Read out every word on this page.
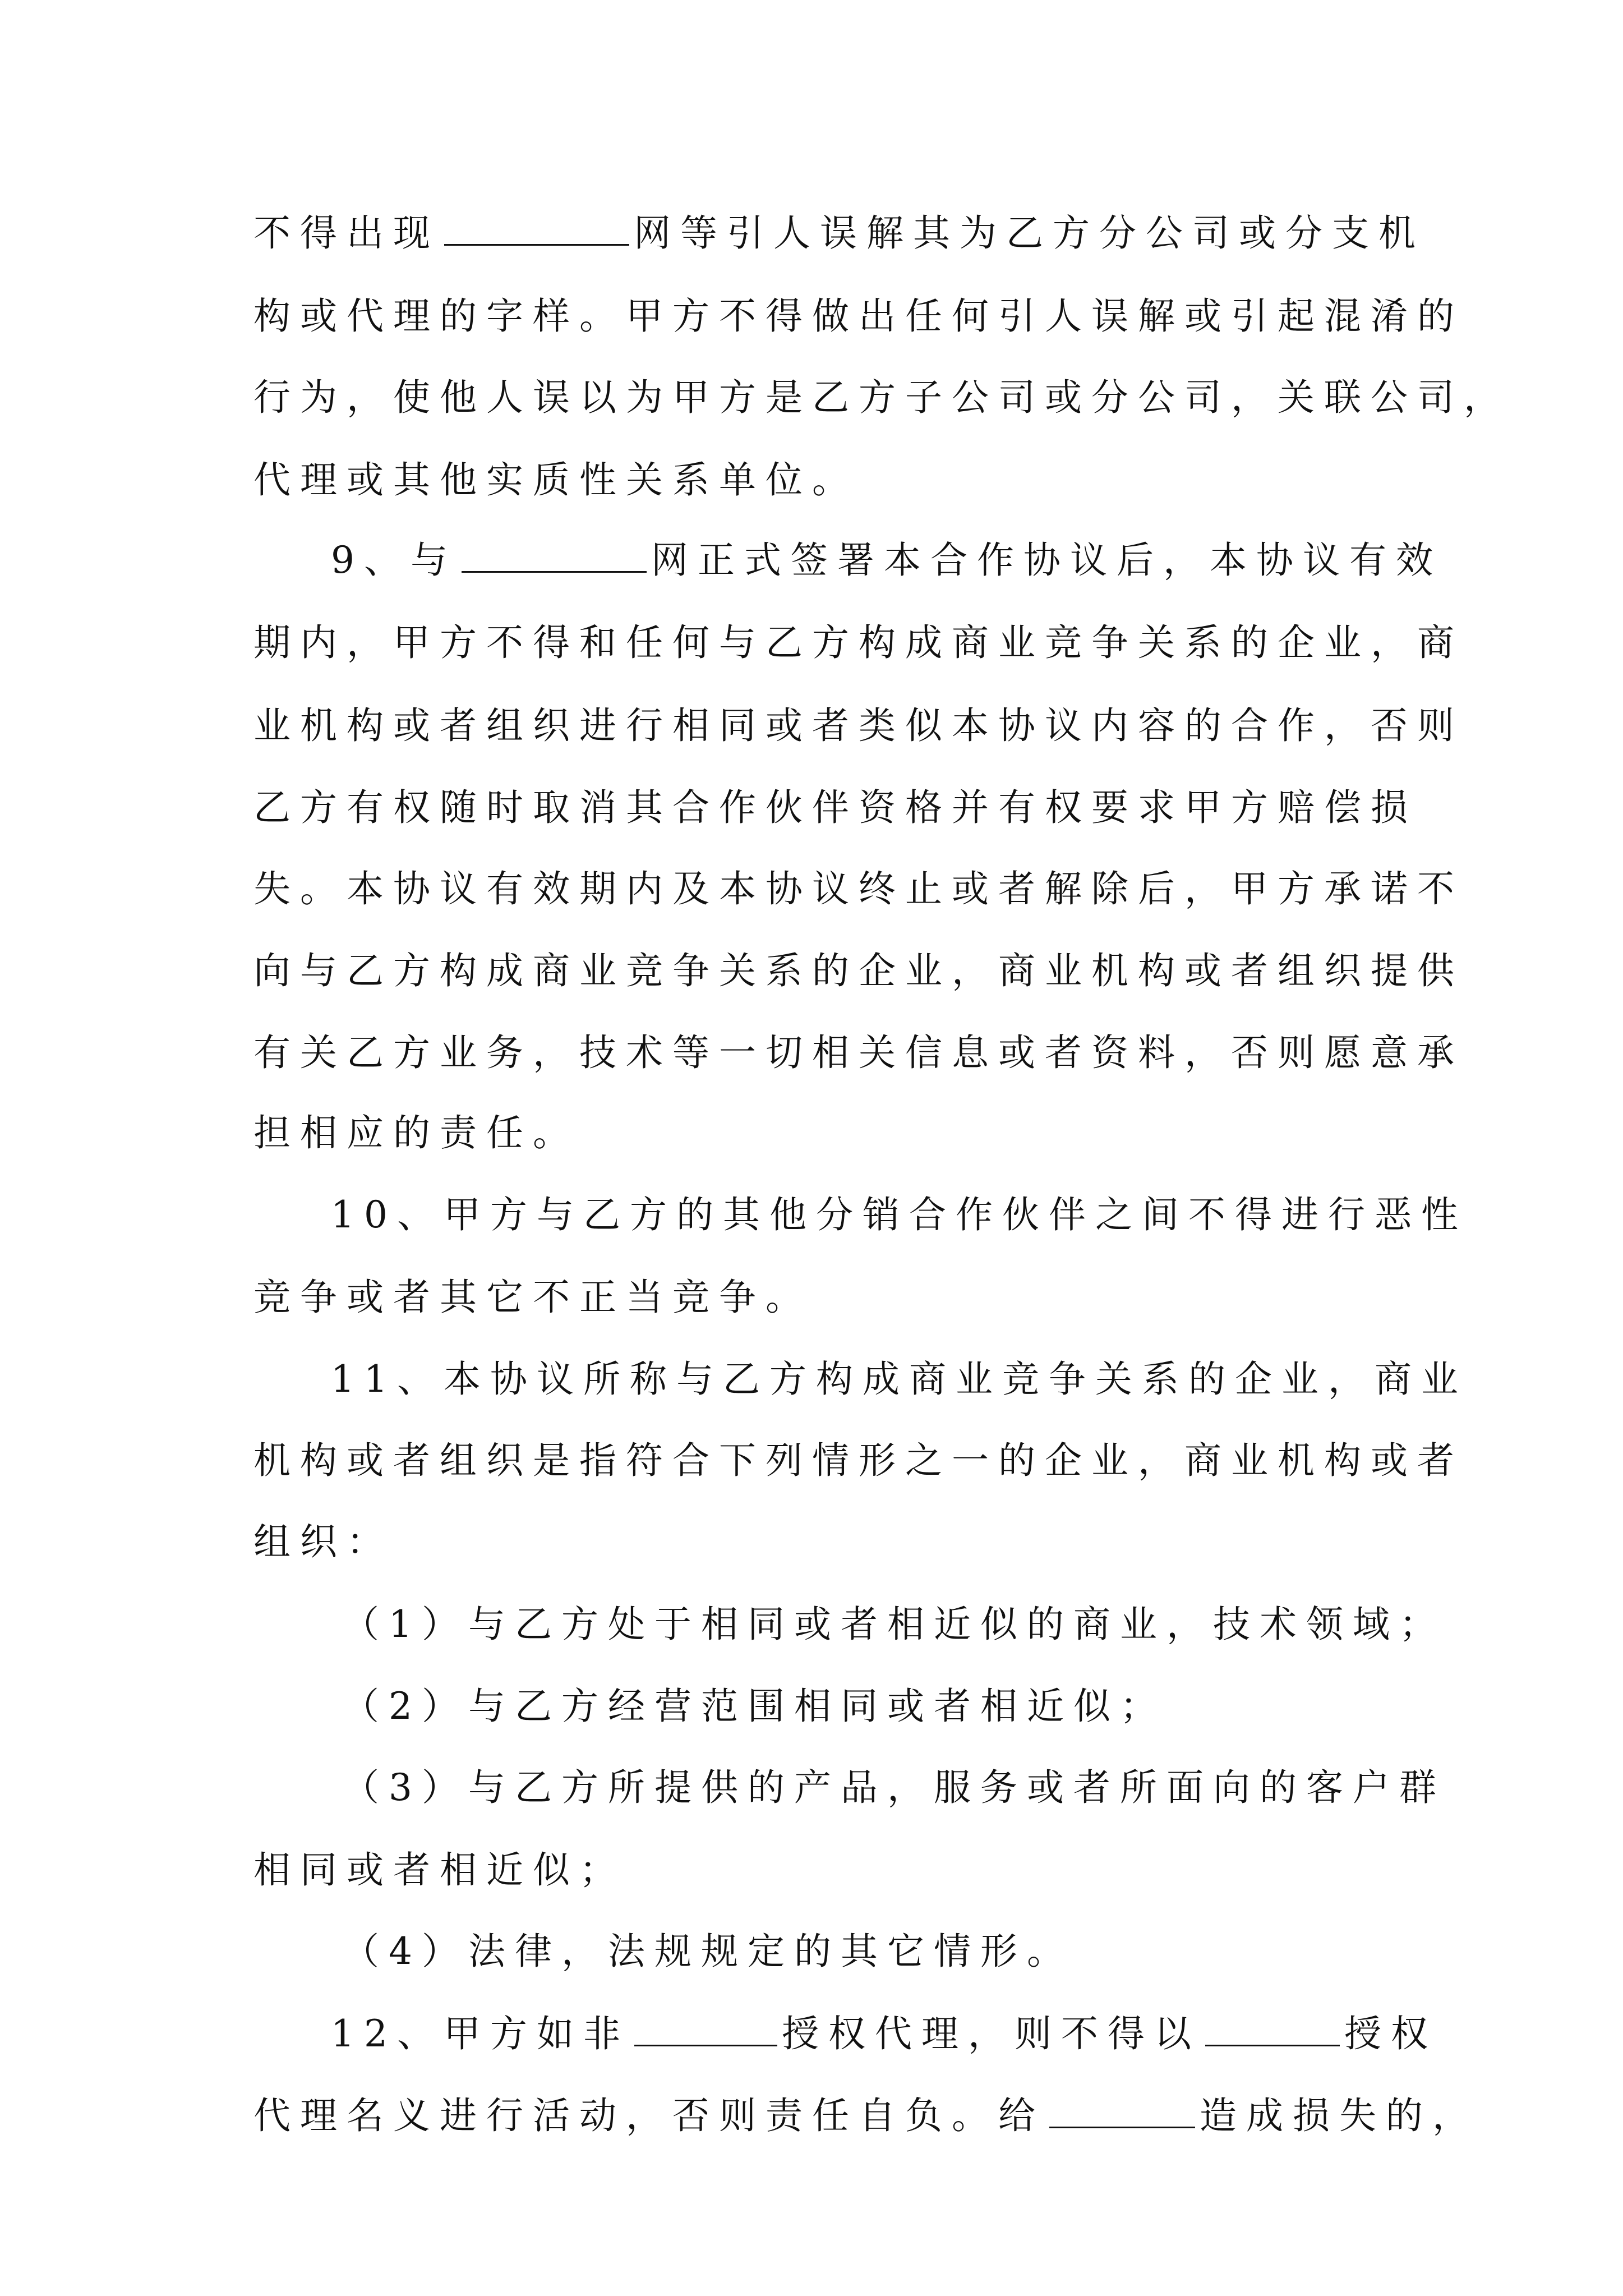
不得出现	网等引人误解其为乙方分公司或分支机

构或代理的字样。甲方不得做出任何引人误解或引起混淆的

行为，使他人误以为甲方是乙方子公司或分公司，关联公司，

代理或其他实质性关系单位。

9、与	网正式签署本合作协议后，本协议有效

期内，甲方不得和任何与乙方构成商业竞争关系的企业，商

业机构或者组织进行相同或者类似本协议内容的合作，否则

乙方有权随时取消其合作伙伴资格并有权要求甲方赔偿损

失。本协议有效期内及本协议终止或者解除后，甲方承诺不

向与乙方构成商业竞争关系的企业，商业机构或者组织提供

有关乙方业务，技术等一切相关信息或者资料，否则愿意承

担相应的责任。

10、甲方与乙方的其他分销合作伙伴之间不得进行恶性

竞争或者其它不正当竞争。

11、本协议所称与乙方构成商业竞争关系的企业，商业

机构或者组织是指符合下列情形之一的企业，商业机构或者

组织：

（1）与乙方处于相同或者相近似的商业，技术领域；

（2）与乙方经营范围相同或者相近似；

（3）与乙方所提供的产品，服务或者所面向的客户群

相同或者相近似；

（4）法律，法规规定的其它情形。

12、甲方如非	授权代理，则不得以	授权

代理名义进行活动，否则责任自负。给	造成损失的，
